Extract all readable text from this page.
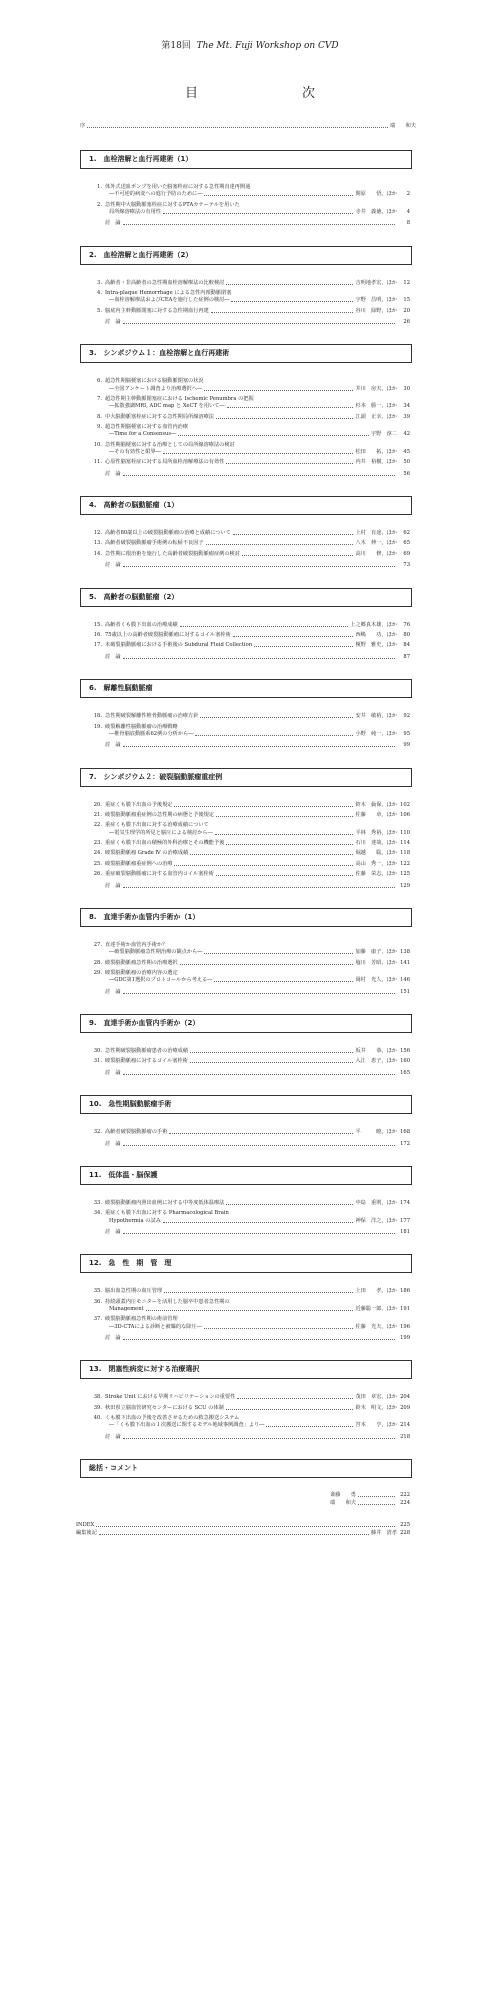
第18回 The Mt. Fuji Workshop on CVD
目　　次
序	端　　和夫
1.　血栓溶解と血行再建術（1）
1. 体外式送血ポンプを用いた脳塞栓症に対する急性期直達再開通
―不可逆的病変への進行予防のために―	関原　　悟，ほか	2
2. 急性期中大脳動脈塞栓症に対するPTAカテーテルを用いた
局所線溶療法の有用性	寺井　義徳，ほか	4
討　論	8
2.　血栓溶解と血行再建術（2）
3. 高齢者・非高齢者の急性期血栓溶解療法の比較検討	吉明地孝宏，ほか	12
4. Intra-plaque Hemorrhage による急性内頚動脈閉塞
―血栓溶解療法およびCEAを施行した症例の検討―	宇野　昌明，ほか	15
5. 脳底内主幹動脈閉塞に対する急性期血行再建	谷川　緑野，ほか	20
討　論	26
3.　シンポジウム１：血栓溶解と血行再建術
6. 超急性期脳梗塞における脳動脈閉塞の状況
―全国アンケート調査より治療選択へ―	井川　房夫，ほか	30
7. 超急性期主幹動脈閉塞症における Ischemic Penumbra の把握
―拡散強調MRI, ADC map と XeCT を用いて―	杉本　勝一，ほか	34
8. 中大脳動脈塞栓症に対する急性期局所線溶療法	江頭　正幸，ほか	39
9. 超急性期脳梗塞に対する血管内治療
―Time for a Consensus―	宇野　淳二	42
10. 急性期脳梗塞に対する治療としての局所線溶療法の検討
―その有効性と限界―	松田　　拓，ほか	45
11. 心原性脳塞栓症に対する局所血栓溶解療法の有効性	内井　裕樹，ほか	50
討　論	56
4.　高齢者の脳動脈瘤（1）
12. 高齢者80歳以上の破裂脳動脈瘤の治療と成績について	上村　有途，ほか	62
13. 高齢者破裂脳動脈瘤手術例の転帰不良因子	八木　伸一，ほか	65
14. 急性期に根治術を施行した高齢者破裂脳動脈瘤症例の検討	高川　　修，ほか	69
討　論	73
5.　高齢者の脳動脈瘤（2）
15. 高齢者くも膜下出血の治療成績	上之郷真木雄，ほか	76
16. 75歳以上の高齢者破裂脳動脈瘤に対するコイル塞栓術	西嶋　　功，ほか	80
17. 未破裂脳動脈瘤における手術後の Subdural Fluid Collection	榎野　雅史，ほか	84
討　論	87
6.　解離性脳動脈瘤
18. 急性期破裂解離性椎骨動脈瘤の治療方針	安井　敏裕，ほか	92
19. 破裂解離性脳動脈瘤の治療戦略
―椎骨脳底動脈系62例の分析から―	小野　純一，ほか	95
討　論	99
7.　シンポジウム２：破裂脳動脈瘤重症例
20. 重症くも膜下出血の予後規定	鈴木　倫保，ほか 102
21. 破裂脳動脈瘤重症例の急性期の病態と予後規定	佐藤　　章，ほか 106
22. 重症くも膜下出血に対する治療成績について
―電気生理学的所見と脳圧による検討から―	平林　秀裕，ほか 110
23. 重症くも膜下出血の積極的外科治療とその機能予後	石川　達哉，ほか 114
24. 破裂脳動脈瘤 Grade Ⅳ の治療成績	堀越　　聡，ほか 118
25. 破裂脳動脈瘤重症例への治療	高山　秀一，ほか 122
26. 重症破裂脳動脈瘤に対する血管内コイル塞栓術	佐藤　栄志，ほか 125
討　論	129
8.　直達手術か血管内手術か（1）
27. 直達手術か血管内手術か？
―破裂脳動脈瘤急性期治療の観点から―	加藤　康子，ほか 138
28. 破裂脳動脈瘤急性期の治療選択	塩川　芳昭，ほか 141
29. 破裂脳動脈瘤の治療内容の選定
―GDC第1選択のプロトコールから考える―	岡村　光人，ほか 146
討　論	151
9.　直達手術か血管内手術か（2）
30. 急性期破裂脳動脈瘤患者の治療成績	坂井　　恭，ほか 156
31. 破裂脳動脈瘤に対するコイル塞栓術	入江　恵子，ほか 160
討　論	165
10.　急性期脳動脈瘤手術
32. 高齢者破裂脳動脈瘤の手術	平　　　暁，ほか 168
討　論	172
11.　低体温・脳保護
33. 破裂脳動脈瘤内照出血例に対する中等度低体温療法	中島　重則，ほか 174
34. 重症くも膜下出血に対する Pharmacological Brain
Hypothermia の試み	神保　洋之，ほか 177
討　論	181
12.　急　性　期　管　理
35. 脳出血急性期の血圧管理	上田　　孝，ほか 186
36. 持続頭蓋内圧モニターを活用した脳卒中患者急性期の
Management	近藤聡一郎，ほか 191
37. 破裂脳動脈瘤急性期の術前管理
―3D-CTAによる診断と被曝的な降圧―	佐藤　光夫，ほか 196
討　論	199
13.　閉塞性病変に対する治療選択
38. Stroke Unit における早期リハビリテーションの重要性	茂田　章宏，ほか 204
39. 秋田県立脳血管研究センターにおける SCU の体制	鈴木　明文，ほか 209
40. くも膜下出血の予後を改善させるための救急搬送システム
―「くも膜下出血の１次搬送に関するモデル地域事例調査」より―	宮本　　亨，ほか 214
討　論	218
総括・コメント
斎藤　　勇	222
端　　和夫	224
INDEX	225
編集後記	藤井　清孝 228
